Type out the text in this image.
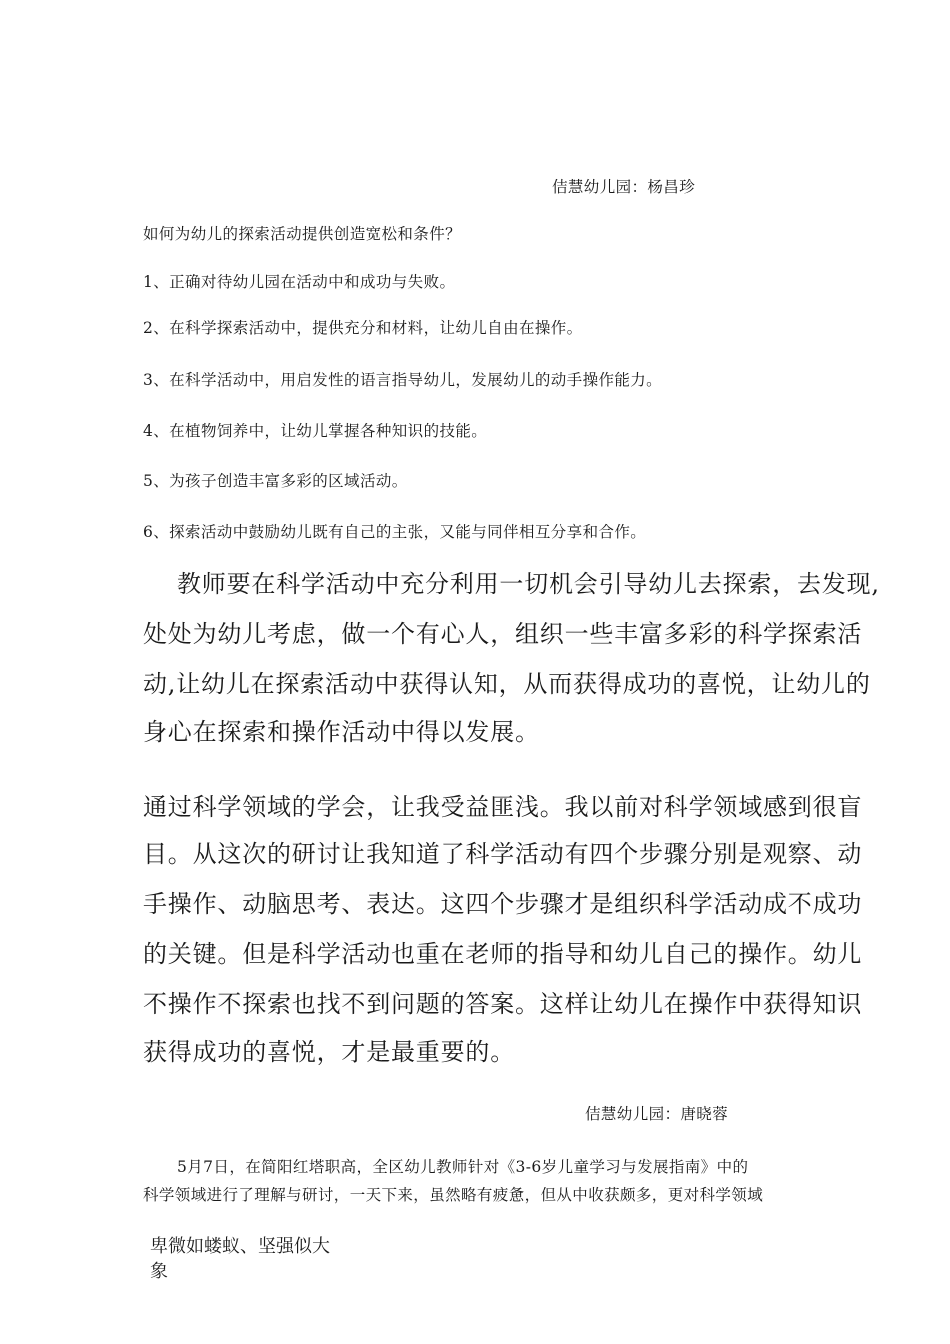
佶慧幼儿园：杨昌珍
如何为幼儿的探索活动提供创造宽松和条件？
1、正确对待幼儿园在活动中和成功与失败。
2、在科学探索活动中，提供充分和材料，让幼儿自由在操作。
3、在科学活动中，用启发性的语言指导幼儿，发展幼儿的动手操作能力。
4、在植物饲养中，让幼儿掌握各种知识的技能。
5、为孩子创造丰富多彩的区域活动。
6、探索活动中鼓励幼儿既有自己的主张，又能与同伴相互分享和合作。
教师要在科学活动中充分利用一切机会引导幼儿去探索，去发现,
处处为幼儿考虑，做一个有心人，组织一些丰富多彩的科学探索活
动,让幼儿在探索活动中获得认知，从而获得成功的喜悦，让幼儿的
身心在探索和操作活动中得以发展。
通过科学领域的学会，让我受益匪浅。我以前对科学领域感到很盲
目。从这次的研讨让我知道了科学活动有四个步骤分别是观察、动
手操作、动脑思考、表达。这四个步骤才是组织科学活动成不成功
的关键。但是科学活动也重在老师的指导和幼儿自己的操作。幼儿
不操作不探索也找不到问题的答案。这样让幼儿在操作中获得知识
获得成功的喜悦，才是最重要的。
佶慧幼儿园：唐晓蓉
5月7日，在简阳红塔职高，全区幼儿教师针对《3-6岁儿童学习与发展指南》中的
科学领域进行了理解与研讨，一天下来，虽然略有疲惫，但从中收获颇多，更对科学领域
卑微如蝼蚁、坚强似大
象
